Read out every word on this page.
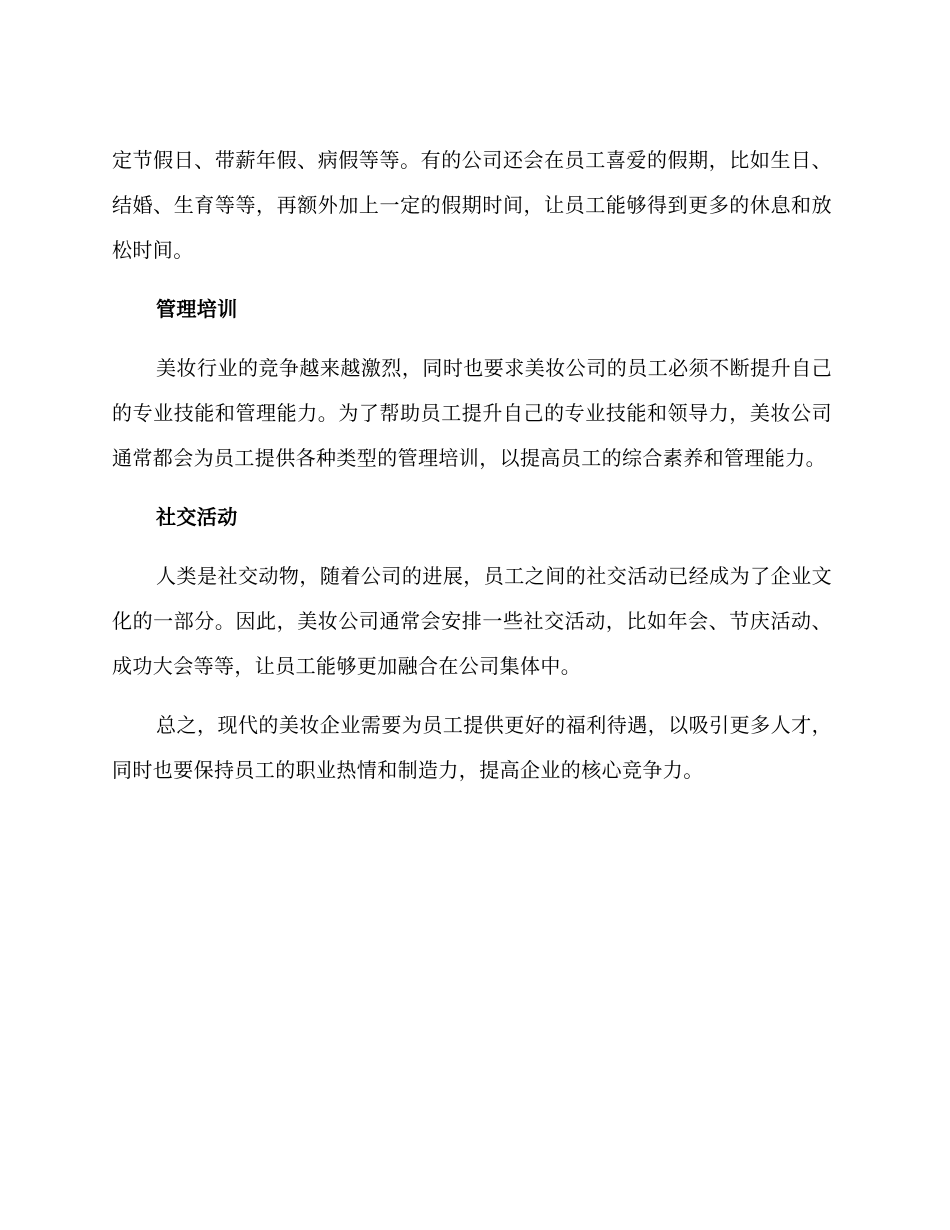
定节假日、带薪年假、病假等等。有的公司还会在员工喜爱的假期，比如生日、结婚、生育等等，再额外加上一定的假期时间，让员工能够得到更多的休息和放松时间。

管理培训

美妆行业的竞争越来越激烈，同时也要求美妆公司的员工必须不断提升自己的专业技能和管理能力。为了帮助员工提升自己的专业技能和领导力，美妆公司通常都会为员工提供各种类型的管理培训，以提高员工的综合素养和管理能力。

社交活动

人类是社交动物，随着公司的进展，员工之间的社交活动已经成为了企业文化的一部分。因此，美妆公司通常会安排一些社交活动，比如年会、节庆活动、成功大会等等，让员工能够更加融合在公司集体中。

总之，现代的美妆企业需要为员工提供更好的福利待遇，以吸引更多人才，同时也要保持员工的职业热情和制造力，提高企业的核心竞争力。
